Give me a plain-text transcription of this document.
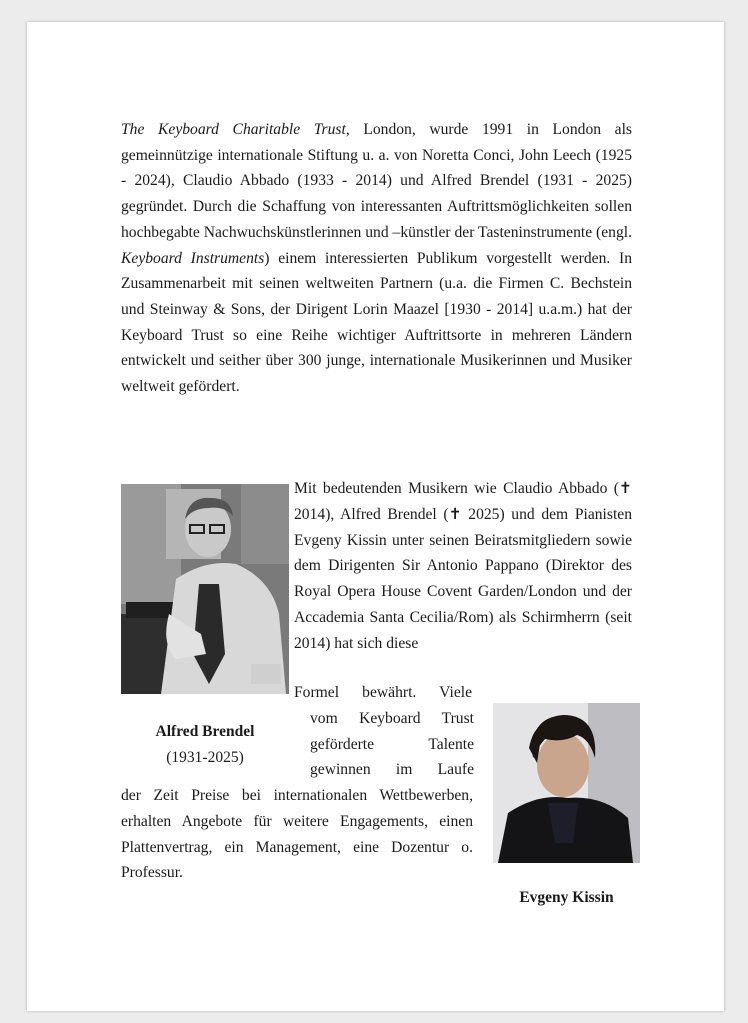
The Keyboard Charitable Trust, London, wurde 1991 in London als gemeinnützige internationale Stiftung u. a. von Noretta Conci, John Leech (1925 - 2024), Claudio Abbado (1933 - 2014) und Alfred Brendel (1931 - 2025) gegründet. Durch die Schaffung von interessanten Auftrittsmöglichkeiten sollen hochbegabte Nachwuchskünstlerinnen und –künstler der Tasteninstrumente (engl. Keyboard Instruments) einem interessierten Publikum vorgestellt werden. In Zusammenarbeit mit seinen weltweiten Partnern (u.a. die Firmen C. Bechstein und Steinway & Sons, der Dirigent Lorin Maazel [1930 - 2014] u.a.m.) hat der Keyboard Trust so eine Reihe wichtiger Auftrittsorte in mehreren Ländern entwickelt und seither über 300 junge, internationale Musikerinnen und Musiker weltweit gefördert.

Mit bedeutenden Musikern wie Claudio Abbado (✝ 2014), Alfred Brendel (✝ 2025) und dem Pianisten Evgeny Kissin unter seinen Beiratsmitgliedern sowie dem Dirigenten Sir Antonio Pappano (Direktor des Royal Opera House Covent Garden/London und der Accademia Santa Cecilia/Rom) als Schirmherrn (seit 2014) hat sich diese
Formel bewährt. Viele
vom Keyboard Trust
geförderte Talente
gewinnen im Laufe
der Zeit Preise bei internationalen Wettbewerben, erhalten Angebote für weitere Engagements, einen Plattenvertrag, ein Management, eine Dozentur o. Professur.
Alfred Brendel
(1931-2025)
Evgeny Kissin
